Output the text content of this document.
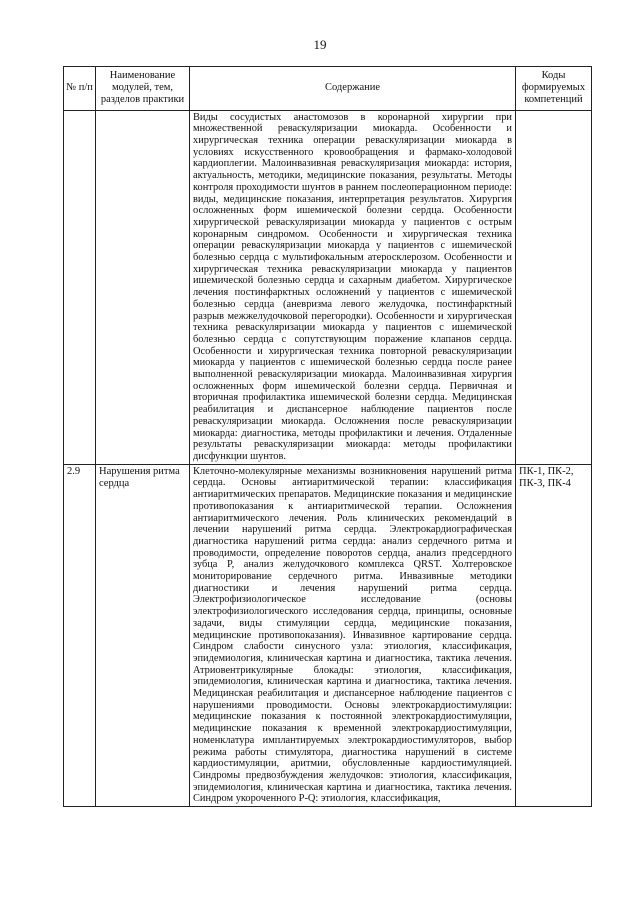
19
№ п/п	Наименование модулей, тем, разделов практики	Содержание	Коды формируемых компетенций
		Виды сосудистых анастомозов в коронарной хирургии при множественной реваскуляризации миокарда. Особенности и хирургическая техника операции реваскуляризации миокарда в условиях искусственного кровообращения и фармако-холодовой кардиоплегии. Малоинвазивная реваскуляризация миокарда: история, актуальность, методики, медицинские показания, результаты. Методы контроля проходимости шунтов в раннем послеоперационном периоде: виды, медицинские показания, интерпретация результатов. Хирургия осложненных форм ишемической болезни сердца. Особенности хирургической реваскуляризации миокарда у пациентов с острым коронарным синдромом. Особенности и хирургическая техника операции реваскуляризации миокарда у пациентов с ишемической болезнью сердца с мультифокальным атеросклерозом. Особенности и хирургическая техника реваскуляризации миокарда у пациентов ишемической болезнью сердца и сахарным диабетом. Хирургическое лечения постинфарктных осложнений у пациентов с ишемической болезнью сердца (аневризма левого желудочка, постинфарктный разрыв межжелудочковой перегородки). Особенности и хирургическая техника реваскуляризации миокарда у пациентов с ишемической болезнью сердца с сопутствующим поражение клапанов сердца. Особенности и хирургическая техника повторной реваскуляризации миокарда у пациентов с ишемической болезнью сердца после ранее выполненной реваскуляризации миокарда. Малоинвазивная хирургия осложненных форм ишемической болезни сердца. Первичная и вторичная профилактика ишемической болезни сердца. Медицинская реабилитация и диспансерное наблюдение пациентов после реваскуляризации миокарда. Осложнения после реваскуляризации миокарда: диагностика, методы профилактики и лечения. Отдаленные результаты реваскуляризации миокарда: методы профилактики дисфункции шунтов.	
2.9	Нарушения ритма сердца	Клеточно-молекулярные механизмы возникновения нарушений ритма сердца. Основы антиаритмической терапии: классификация антиаритмических препаратов. Медицинские показания и медицинские противопоказания к антиаритмической терапии. Осложнения антиаритмического лечения. Роль клинических рекомендаций в лечении нарушений ритма сердца. Электрокардиографическая диагностика нарушений ритма сердца: анализ сердечного ритма и проводимости, определение поворотов сердца, анализ предсердного зубца P, анализ желудочкового комплекса QRST. Холтеровское мониторирование сердечного ритма. Инвазивные методики диагностики и лечения нарушений ритма сердца. Электрофизиологическое исследование (основы электрофизиологического исследования сердца, принципы, основные задачи, виды стимуляции сердца, медицинские показания, медицинские противопоказания). Инвазивное картирование сердца. Синдром слабости синусного узла: этиология, классификация, эпидемиология, клиническая картина и диагностика, тактика лечения. Атриовентрикулярные блокады: этиология, классификация, эпидемиология, клиническая картина и диагностика, тактика лечения. Медицинская реабилитация и диспансерное наблюдение пациентов с нарушениями проводимости. Основы электрокардиостимуляции: медицинские показания к постоянной электрокардиостимуляции, медицинские показания к временной электрокардиостимуляции, номенклатура имплантируемых электрокардиостимуляторов, выбор режима работы стимулятора, диагностика нарушений в системе кардиостимуляции, аритмии, обусловленные кардиостимуляцией. Синдромы предвозбуждения желудочков: этиология, классификация, эпидемиология, клиническая картина и диагностика, тактика лечения. Синдром укороченного P-Q: этиология, классификация,	ПК-1, ПК-2, ПК-3, ПК-4
